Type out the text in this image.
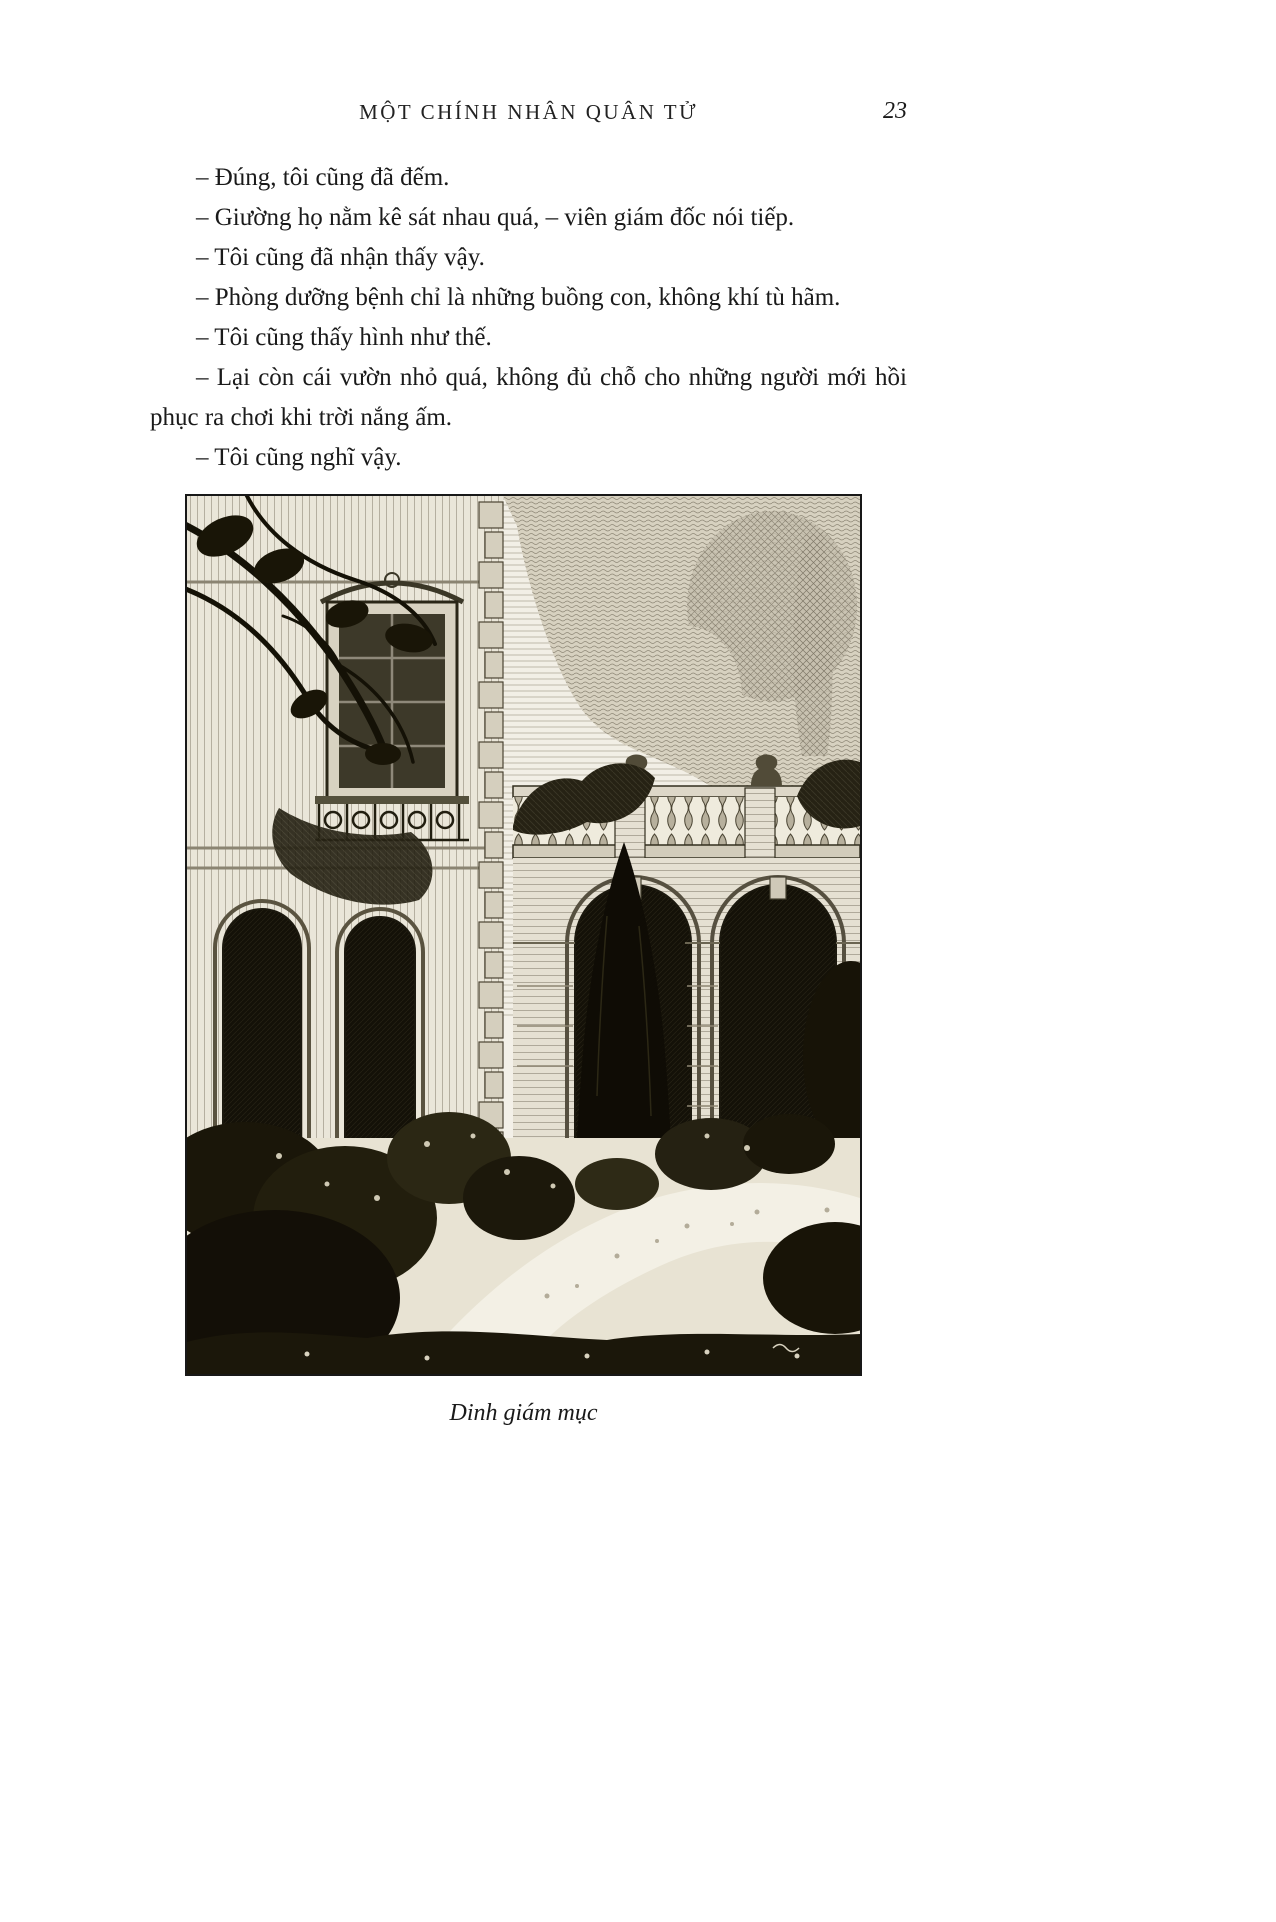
MỘT CHÍNH NHÂN QUÂN TỬ	23

– Đúng, tôi cũng đã đếm.

– Giường họ nằm kê sát nhau quá, – viên giám đốc nói tiếp.

– Tôi cũng đã nhận thấy vậy.

– Phòng dưỡng bệnh chỉ là những buồng con, không khí tù hãm.

– Tôi cũng thấy hình như thế.

– Lại còn cái vườn nhỏ quá, không đủ chỗ cho những người mới hồi phục ra chơi khi trời nắng ấm.

– Tôi cũng nghĩ vậy.

Dinh giám mục
